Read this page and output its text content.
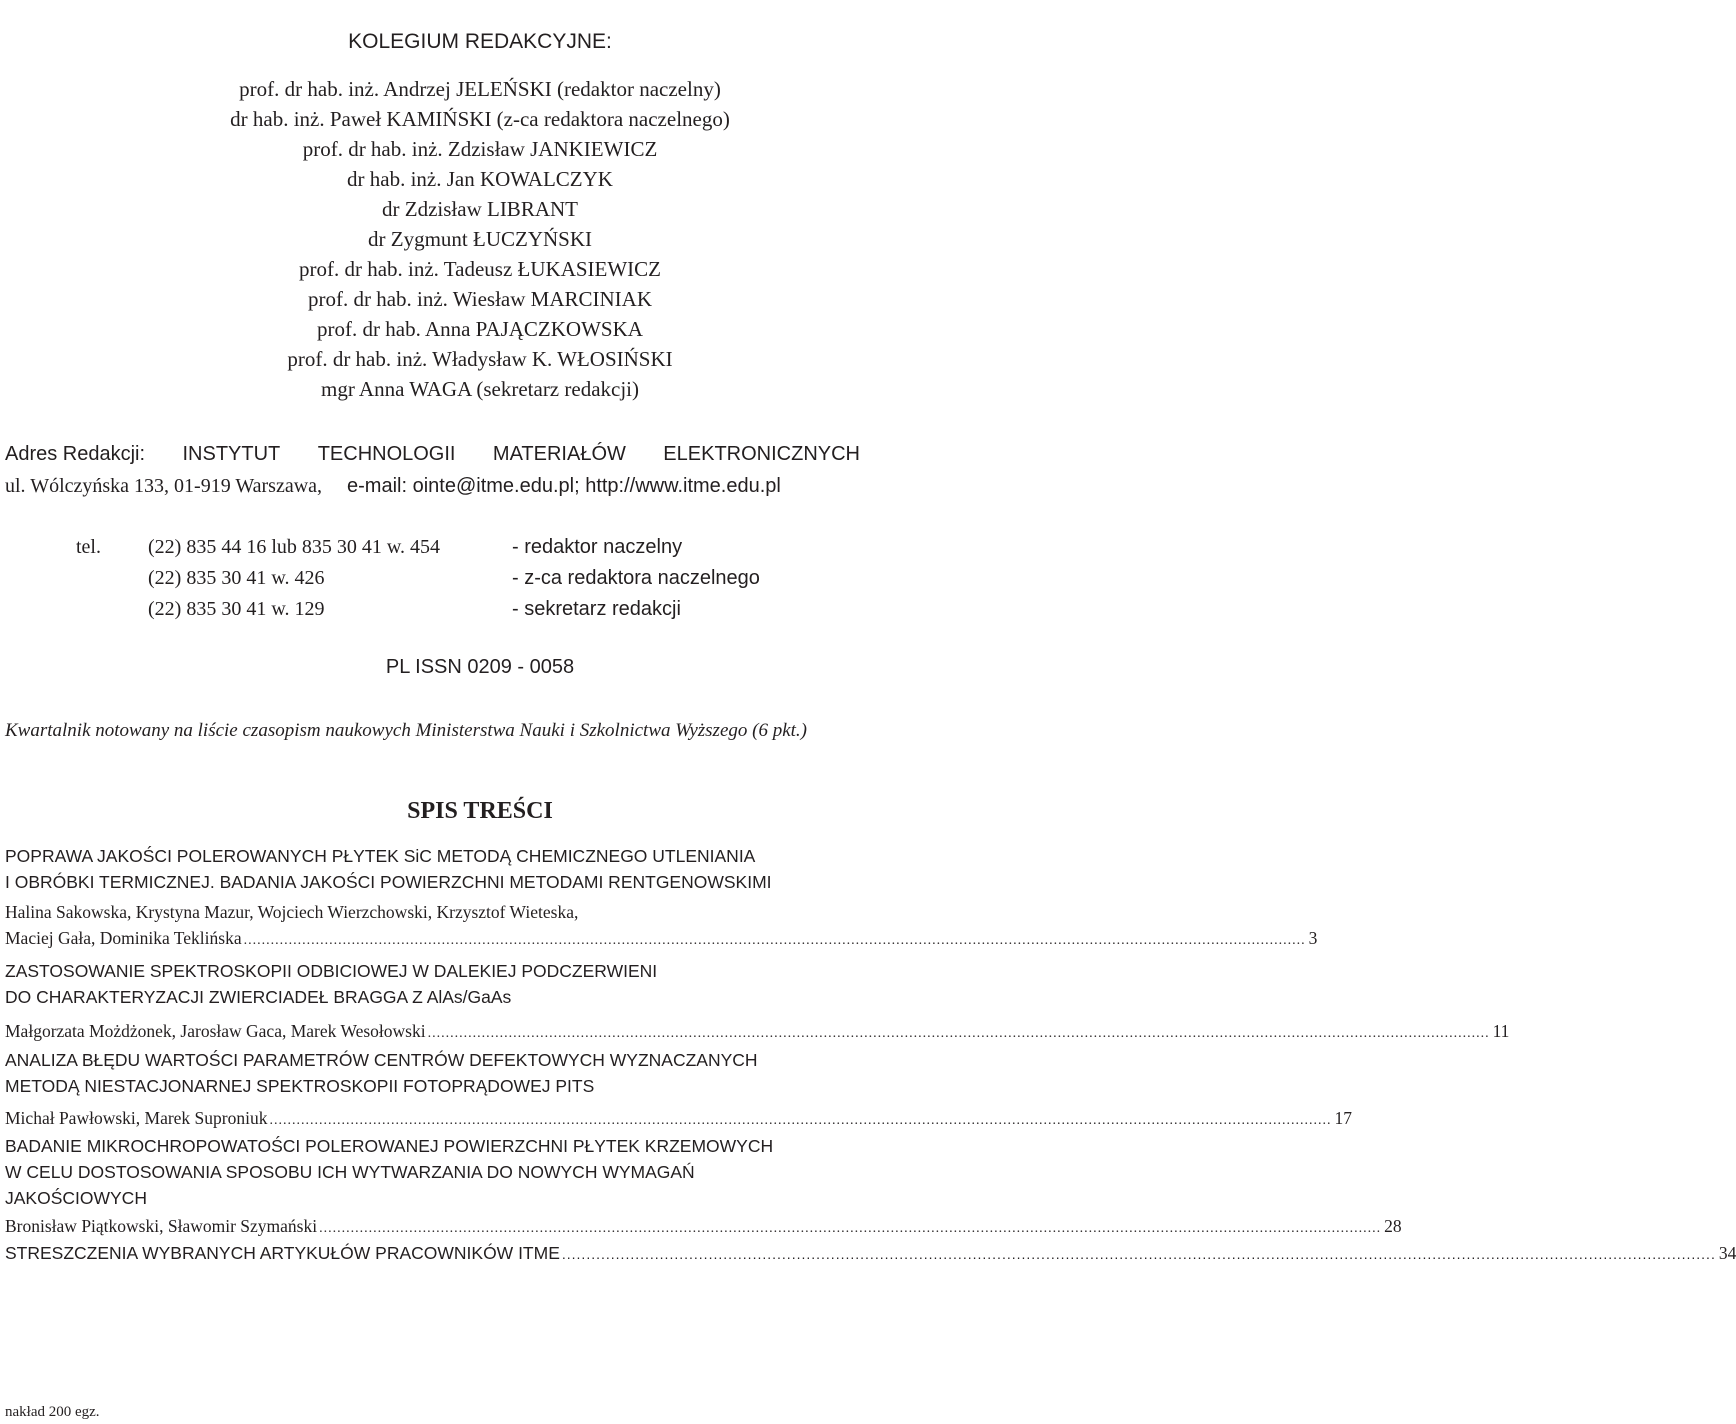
KOLEGIUM REDAKCYJNE:
prof. dr hab. inż. Andrzej JELEŃSKI (redaktor naczelny)
dr hab. inż. Paweł KAMIŃSKI (z-ca redaktora naczelnego)
prof. dr hab. inż. Zdzisław JANKIEWICZ
dr hab. inż. Jan KOWALCZYK
dr Zdzisław LIBRANT
dr Zygmunt ŁUCZYŃSKI
prof. dr hab. inż. Tadeusz ŁUKASIEWICZ
prof. dr hab. inż. Wiesław MARCINIAK
prof. dr hab. Anna PAJĄCZKOWSKA
prof. dr hab. inż. Władysław K. WŁOSIŃSKI
mgr Anna WAGA (sekretarz redakcji)
Adres Redakcji: INSTYTUT TECHNOLOGII MATERIAŁÓW ELEKTRONICZNYCH
ul. Wólczyńska 133, 01-919 Warszawa, e-mail: ointe@itme.edu.pl; http://www.itme.edu.pl
tel. (22) 835 44 16 lub 835 30 41 w. 454	- redaktor naczelny
(22) 835 30 41 w. 426	- z-ca redaktora naczelnego
(22) 835 30 41 w. 129	- sekretarz redakcji
PL ISSN 0209 - 0058
Kwartalnik notowany na liście czasopism naukowych Ministerstwa Nauki i Szkolnictwa Wyższego (6 pkt.)
SPIS TREŚCI
POPRAWA JAKOŚCI POLEROWANYCH PŁYTEK SiC METODĄ CHEMICZNEGO UTLENIANIA
I OBRÓBKI TERMICZNEJ. BADANIA JAKOŚCI POWIERZCHNI METODAMI RENTGENOWSKIMI
Halina Sakowska, Krystyna Mazur, Wojciech Wierzchowski, Krzysztof Wieteska,
Maciej Gała, Dominika Teklińska ............................................................................................................................................................................................................................................ 3
ZASTOSOWANIE SPEKTROSKOPII ODBICIOWEJ W DALEKIEJ PODCZERWIENI
DO CHARAKTERYZACJI ZWIERCIADEŁ BRAGGA Z AlAs/GaAs
Małgorzata Możdżonek, Jarosław Gaca, Marek Wesołowski ............................................................................................................................................................................................................................................ 11
ANALIZA BŁĘDU WARTOŚCI PARAMETRÓW CENTRÓW DEFEKTOWYCH WYZNACZANYCH
METODĄ NIESTACJONARNEJ SPEKTROSKOPII FOTOPRĄDOWEJ PITS
Michał Pawłowski, Marek Suproniuk ............................................................................................................................................................................................................................................ 17
BADANIE MIKROCHROPOWATOŚCI POLEROWANEJ POWIERZCHNI PŁYTEK KRZEMOWYCH
W CELU DOSTOSOWANIA SPOSOBU ICH WYTWARZANIA DO NOWYCH WYMAGAŃ
JAKOŚCIOWYCH
Bronisław Piątkowski, Sławomir Szymański ............................................................................................................................................................................................................................................ 28
STRESZCZENIA WYBRANYCH ARTYKUŁÓW PRACOWNIKÓW ITME ............................................................................................................................................................................................................................................ 34
nakład 200 egz.
